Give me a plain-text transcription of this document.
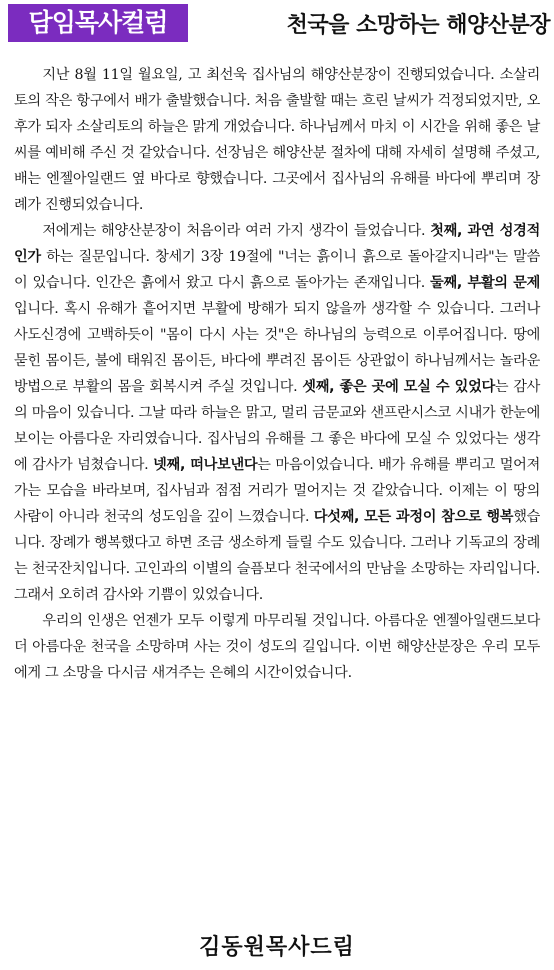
담임목사컬럼	천국을 소망하는 해양산분장

지난 8월 11일 월요일, 고 최선욱 집사님의 해양산분장이 진행되었습니다. 소살리토의 작은 항구에서 배가 출발했습니다. 처음 출발할 때는 흐린 날씨가 걱정되었지만, 오후가 되자 소살리토의 하늘은 맑게 개었습니다. 하나님께서 마치 이 시간을 위해 좋은 날씨를 예비해 주신 것 같았습니다. 선장님은 해양산분 절차에 대해 자세히 설명해 주셨고, 배는 엔젤아일랜드 옆 바다로 향했습니다. 그곳에서 집사님의 유해를 바다에 뿌리며 장례가 진행되었습니다.

저에게는 해양산분장이 처음이라 여러 가지 생각이 들었습니다. 첫째, 과연 성경적인가 하는 질문입니다. 창세기 3장 19절에 "너는 흙이니 흙으로 돌아갈지니라"는 말씀이 있습니다. 인간은 흙에서 왔고 다시 흙으로 돌아가는 존재입니다. 둘째, 부활의 문제입니다. 혹시 유해가 흩어지면 부활에 방해가 되지 않을까 생각할 수 있습니다. 그러나 사도신경에 고백하듯이 "몸이 다시 사는 것"은 하나님의 능력으로 이루어집니다. 땅에 묻힌 몸이든, 불에 태워진 몸이든, 바다에 뿌려진 몸이든 상관없이 하나님께서는 놀라운 방법으로 부활의 몸을 회복시켜 주실 것입니다. 셋째, 좋은 곳에 모실 수 있었다는 감사의 마음이 있습니다. 그날 따라 하늘은 맑고, 멀리 금문교와 샌프란시스코 시내가 한눈에 보이는 아름다운 자리였습니다. 집사님의 유해를 그 좋은 바다에 모실 수 있었다는 생각에 감사가 넘쳤습니다. 넷째, 떠나보낸다는 마음이었습니다. 배가 유해를 뿌리고 멀어져 가는 모습을 바라보며, 집사님과 점점 거리가 멀어지는 것 같았습니다. 이제는 이 땅의 사람이 아니라 천국의 성도임을 깊이 느꼈습니다. 다섯째, 모든 과정이 참으로 행복했습니다. 장례가 행복했다고 하면 조금 생소하게 들릴 수도 있습니다. 그러나 기독교의 장례는 천국잔치입니다. 고인과의 이별의 슬픔보다 천국에서의 만남을 소망하는 자리입니다. 그래서 오히려 감사와 기쁨이 있었습니다.

우리의 인생은 언젠가 모두 이렇게 마무리될 것입니다. 아름다운 엔젤아일랜드보다 더 아름다운 천국을 소망하며 사는 것이 성도의 길입니다. 이번 해양산분장은 우리 모두에게 그 소망을 다시금 새겨주는 은혜의 시간이었습니다.

김동원목사드림
